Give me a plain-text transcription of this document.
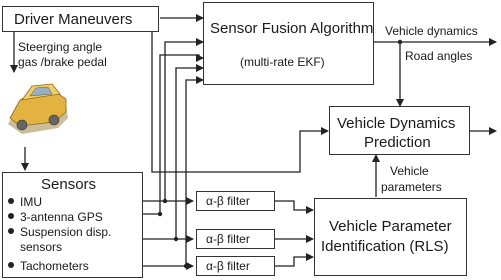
Driver Maneuvers
Steerging angle
gas /brake pedal
Sensor Fusion Algorithm
(multi-rate EKF)
Vehicle dynamics
Road angles
Vehicle Dynamics
Prediction
Vehicle
parameters
Sensors
IMU
3-antenna GPS
Suspension disp.
sensors
Tachometers
α-β filter
α-β filter
α-β filter
Vehicle Parameter
Identification (RLS)
